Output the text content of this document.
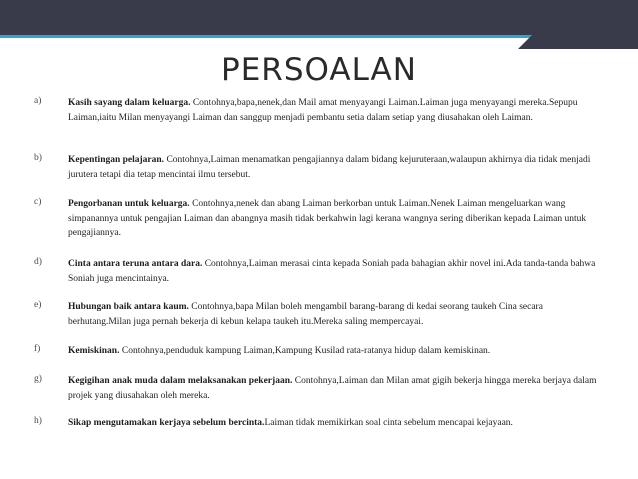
PERSOALAN
a)	Kasih sayang dalam keluarga. Contohnya,bapa,nenek,dan Mail amat menyayangi Laiman.Laiman juga menyayangi mereka.Sepupu Laiman,iaitu Milan menyayangi Laiman dan sanggup menjadi pembantu setia dalam setiap yang diusahakan oleh Laiman.
b)	Kepentingan pelajaran. Contohnya,Laiman menamatkan pengajiannya dalam bidang kejuruteraan,walaupun akhirnya dia tidak menjadi jurutera tetapi dia tetap mencintai ilmu tersebut.
c)	Pengorbanan untuk keluarga. Contohnya,nenek dan abang Laiman berkorban untuk Laiman.Nenek Laiman mengeluarkan wang simpanannya untuk pengajian Laiman dan abangnya masih tidak berkahwin lagi kerana wangnya sering diberikan kepada Laiman untuk pengajiannya.
d)	Cinta antara teruna antara dara. Contohnya,Laiman merasai cinta kepada Soniah pada bahagian akhir novel ini.Ada tanda-tanda bahwa Soniah juga mencintainya.
e)	Hubungan baik antara kaum. Contohnya,bapa Milan boleh mengambil barang-barang di kedai seorang taukeh Cina secara berhutang.Milan juga pernah bekerja di kebun kelapa taukeh itu.Mereka saling mempercayai.
f)	Kemiskinan. Contohnya,penduduk kampung Laiman,Kampung Kusilad rata-ratanya hidup dalam kemiskinan.
g)	Kegigihan anak muda dalam melaksanakan pekerjaan. Contohnya,Laiman dan Milan amat gigih bekerja hingga mereka berjaya dalam projek yang diusahakan oleh mereka.
h)	Sikap mengutamakan kerjaya sebelum bercinta.Laiman tidak memikirkan soal cinta sebelum mencapai kejayaan.
